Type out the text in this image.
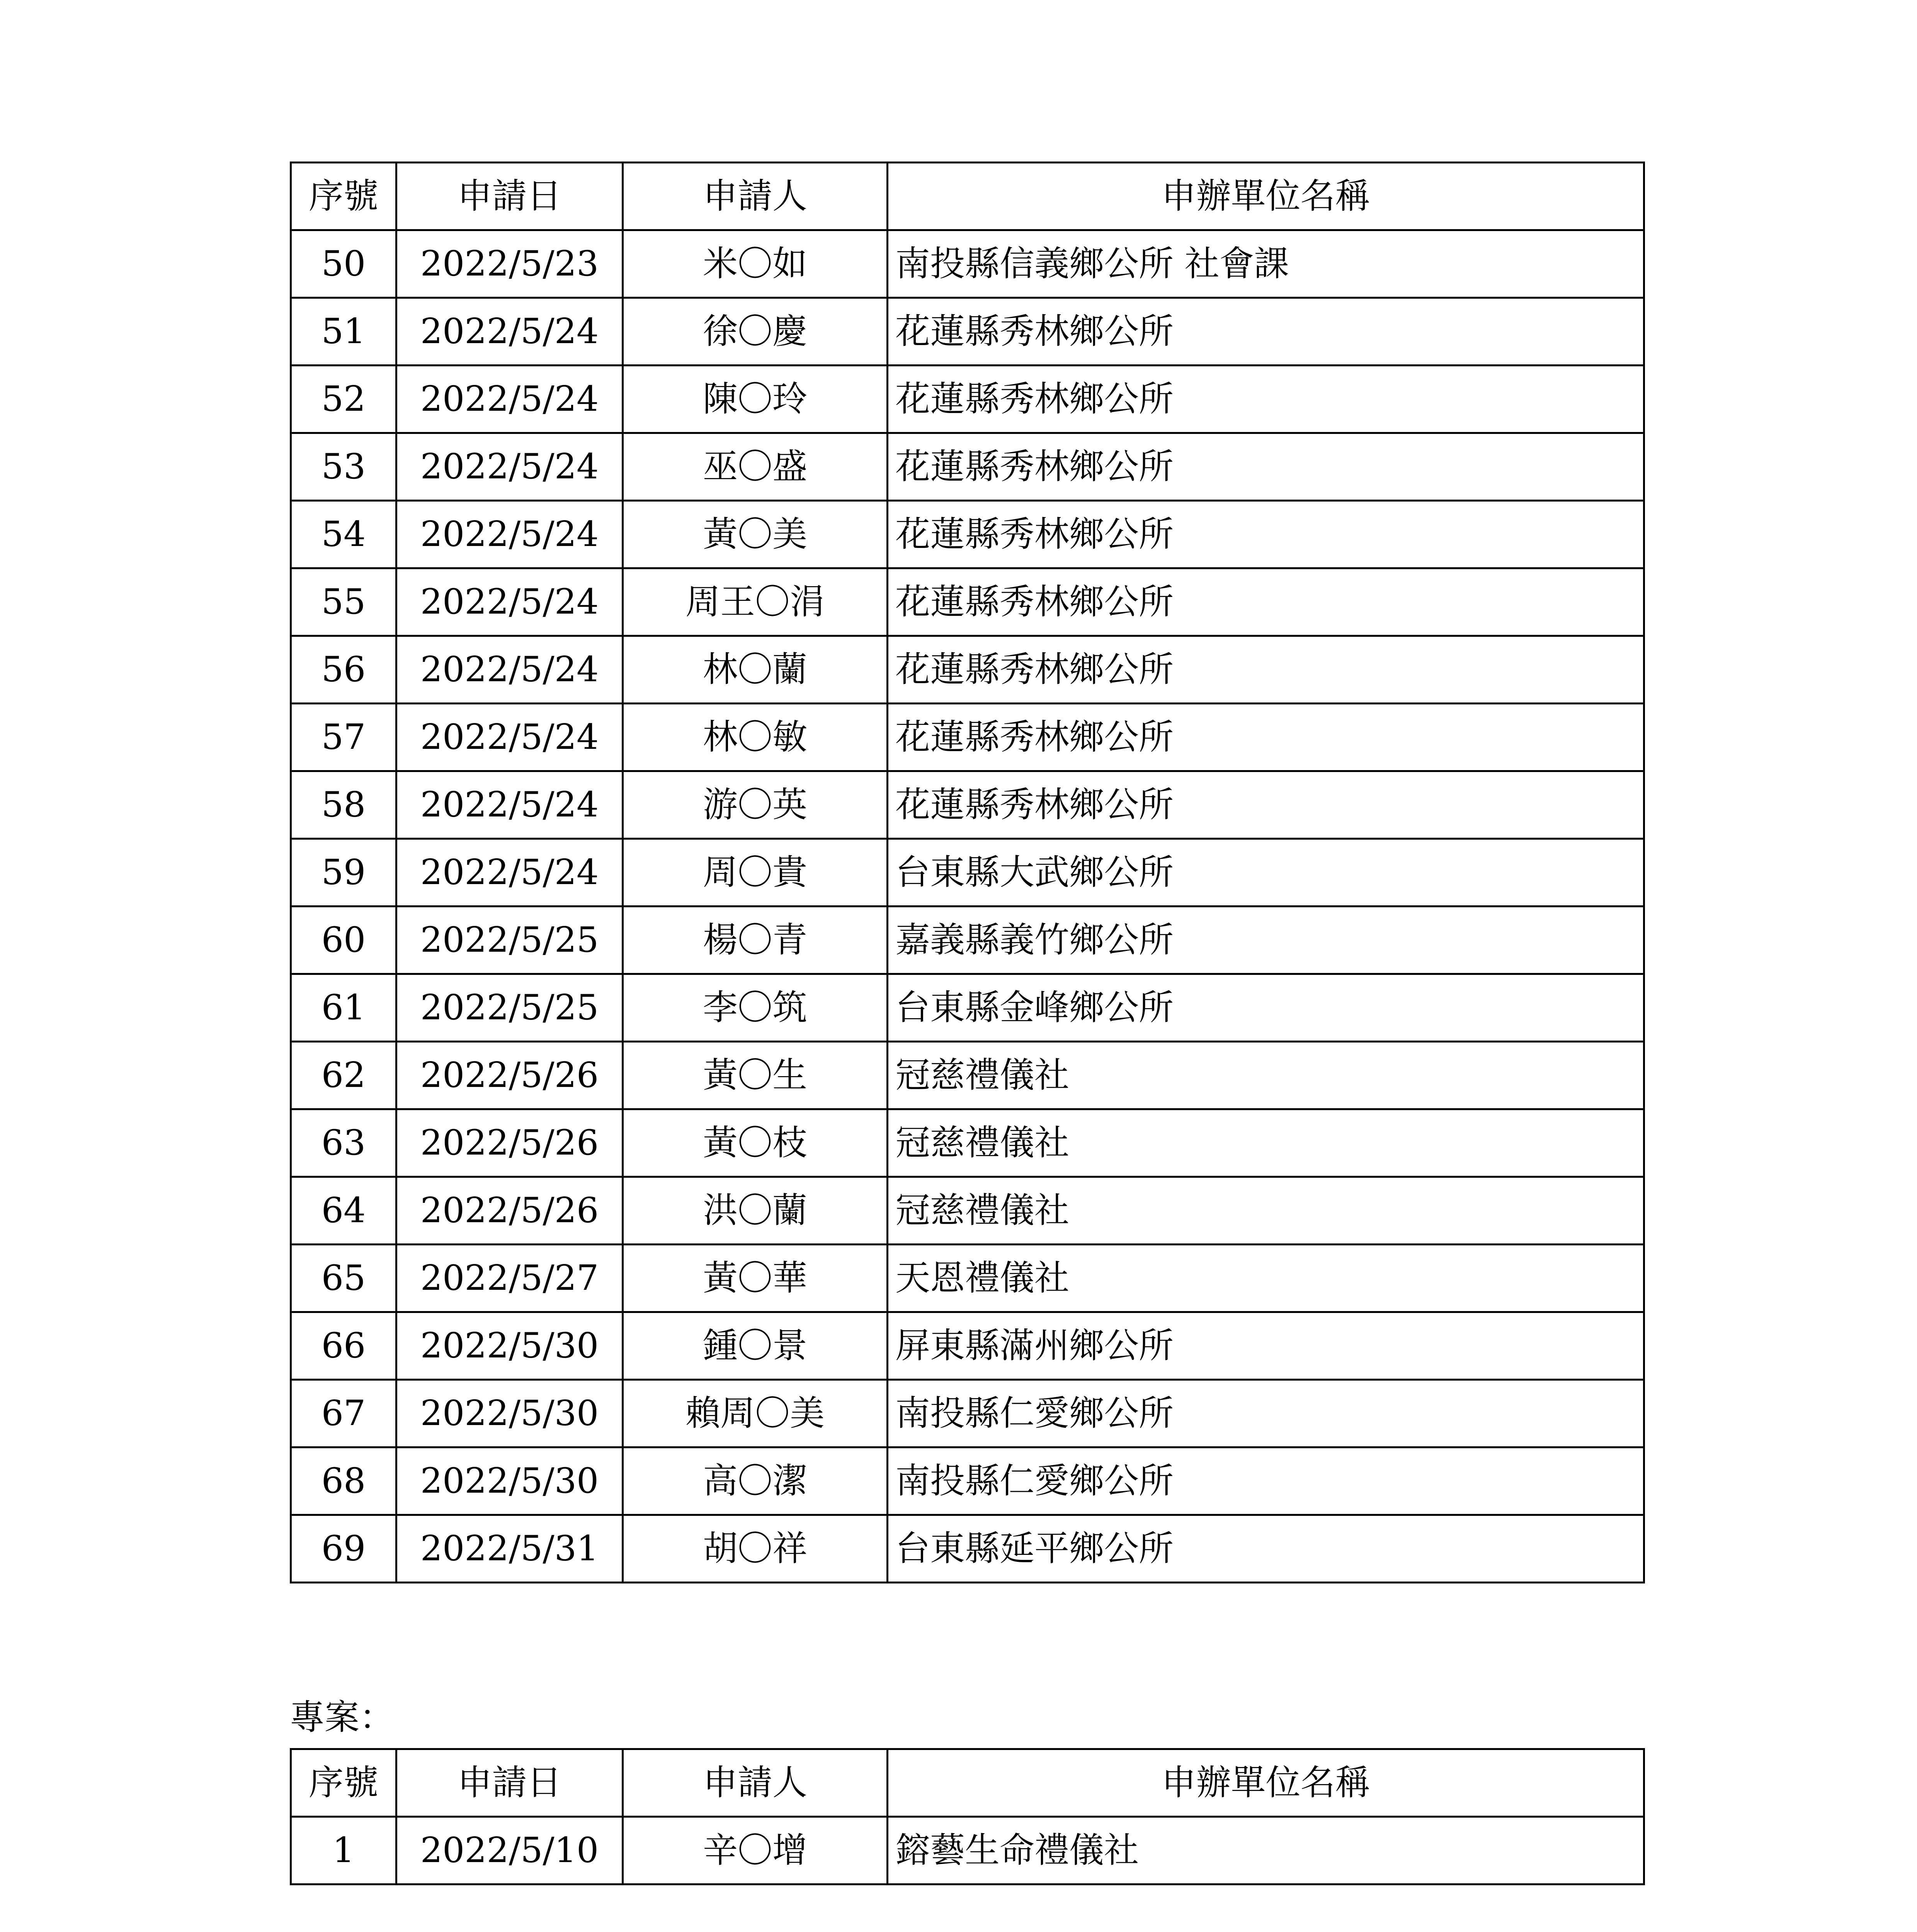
序號	申請日	申請人	申辦單位名稱
50	2022/5/23	米〇如	南投縣信義鄉公所 社會課
51	2022/5/24	徐〇慶	花蓮縣秀林鄉公所
52	2022/5/24	陳〇玲	花蓮縣秀林鄉公所
53	2022/5/24	巫〇盛	花蓮縣秀林鄉公所
54	2022/5/24	黃〇美	花蓮縣秀林鄉公所
55	2022/5/24	周王〇涓	花蓮縣秀林鄉公所
56	2022/5/24	林〇蘭	花蓮縣秀林鄉公所
57	2022/5/24	林〇敏	花蓮縣秀林鄉公所
58	2022/5/24	游〇英	花蓮縣秀林鄉公所
59	2022/5/24	周〇貴	台東縣大武鄉公所
60	2022/5/25	楊〇青	嘉義縣義竹鄉公所
61	2022/5/25	李〇筑	台東縣金峰鄉公所
62	2022/5/26	黃〇生	冠慈禮儀社
63	2022/5/26	黃〇枝	冠慈禮儀社
64	2022/5/26	洪〇蘭	冠慈禮儀社
65	2022/5/27	黃〇華	天恩禮儀社
66	2022/5/30	鍾〇景	屏東縣滿州鄉公所
67	2022/5/30	賴周〇美	南投縣仁愛鄉公所
68	2022/5/30	高〇潔	南投縣仁愛鄉公所
69	2022/5/31	胡〇祥	台東縣延平鄉公所
專案：
序號	申請日	申請人	申辦單位名稱
1	2022/5/10	辛〇增	鎔藝生命禮儀社
